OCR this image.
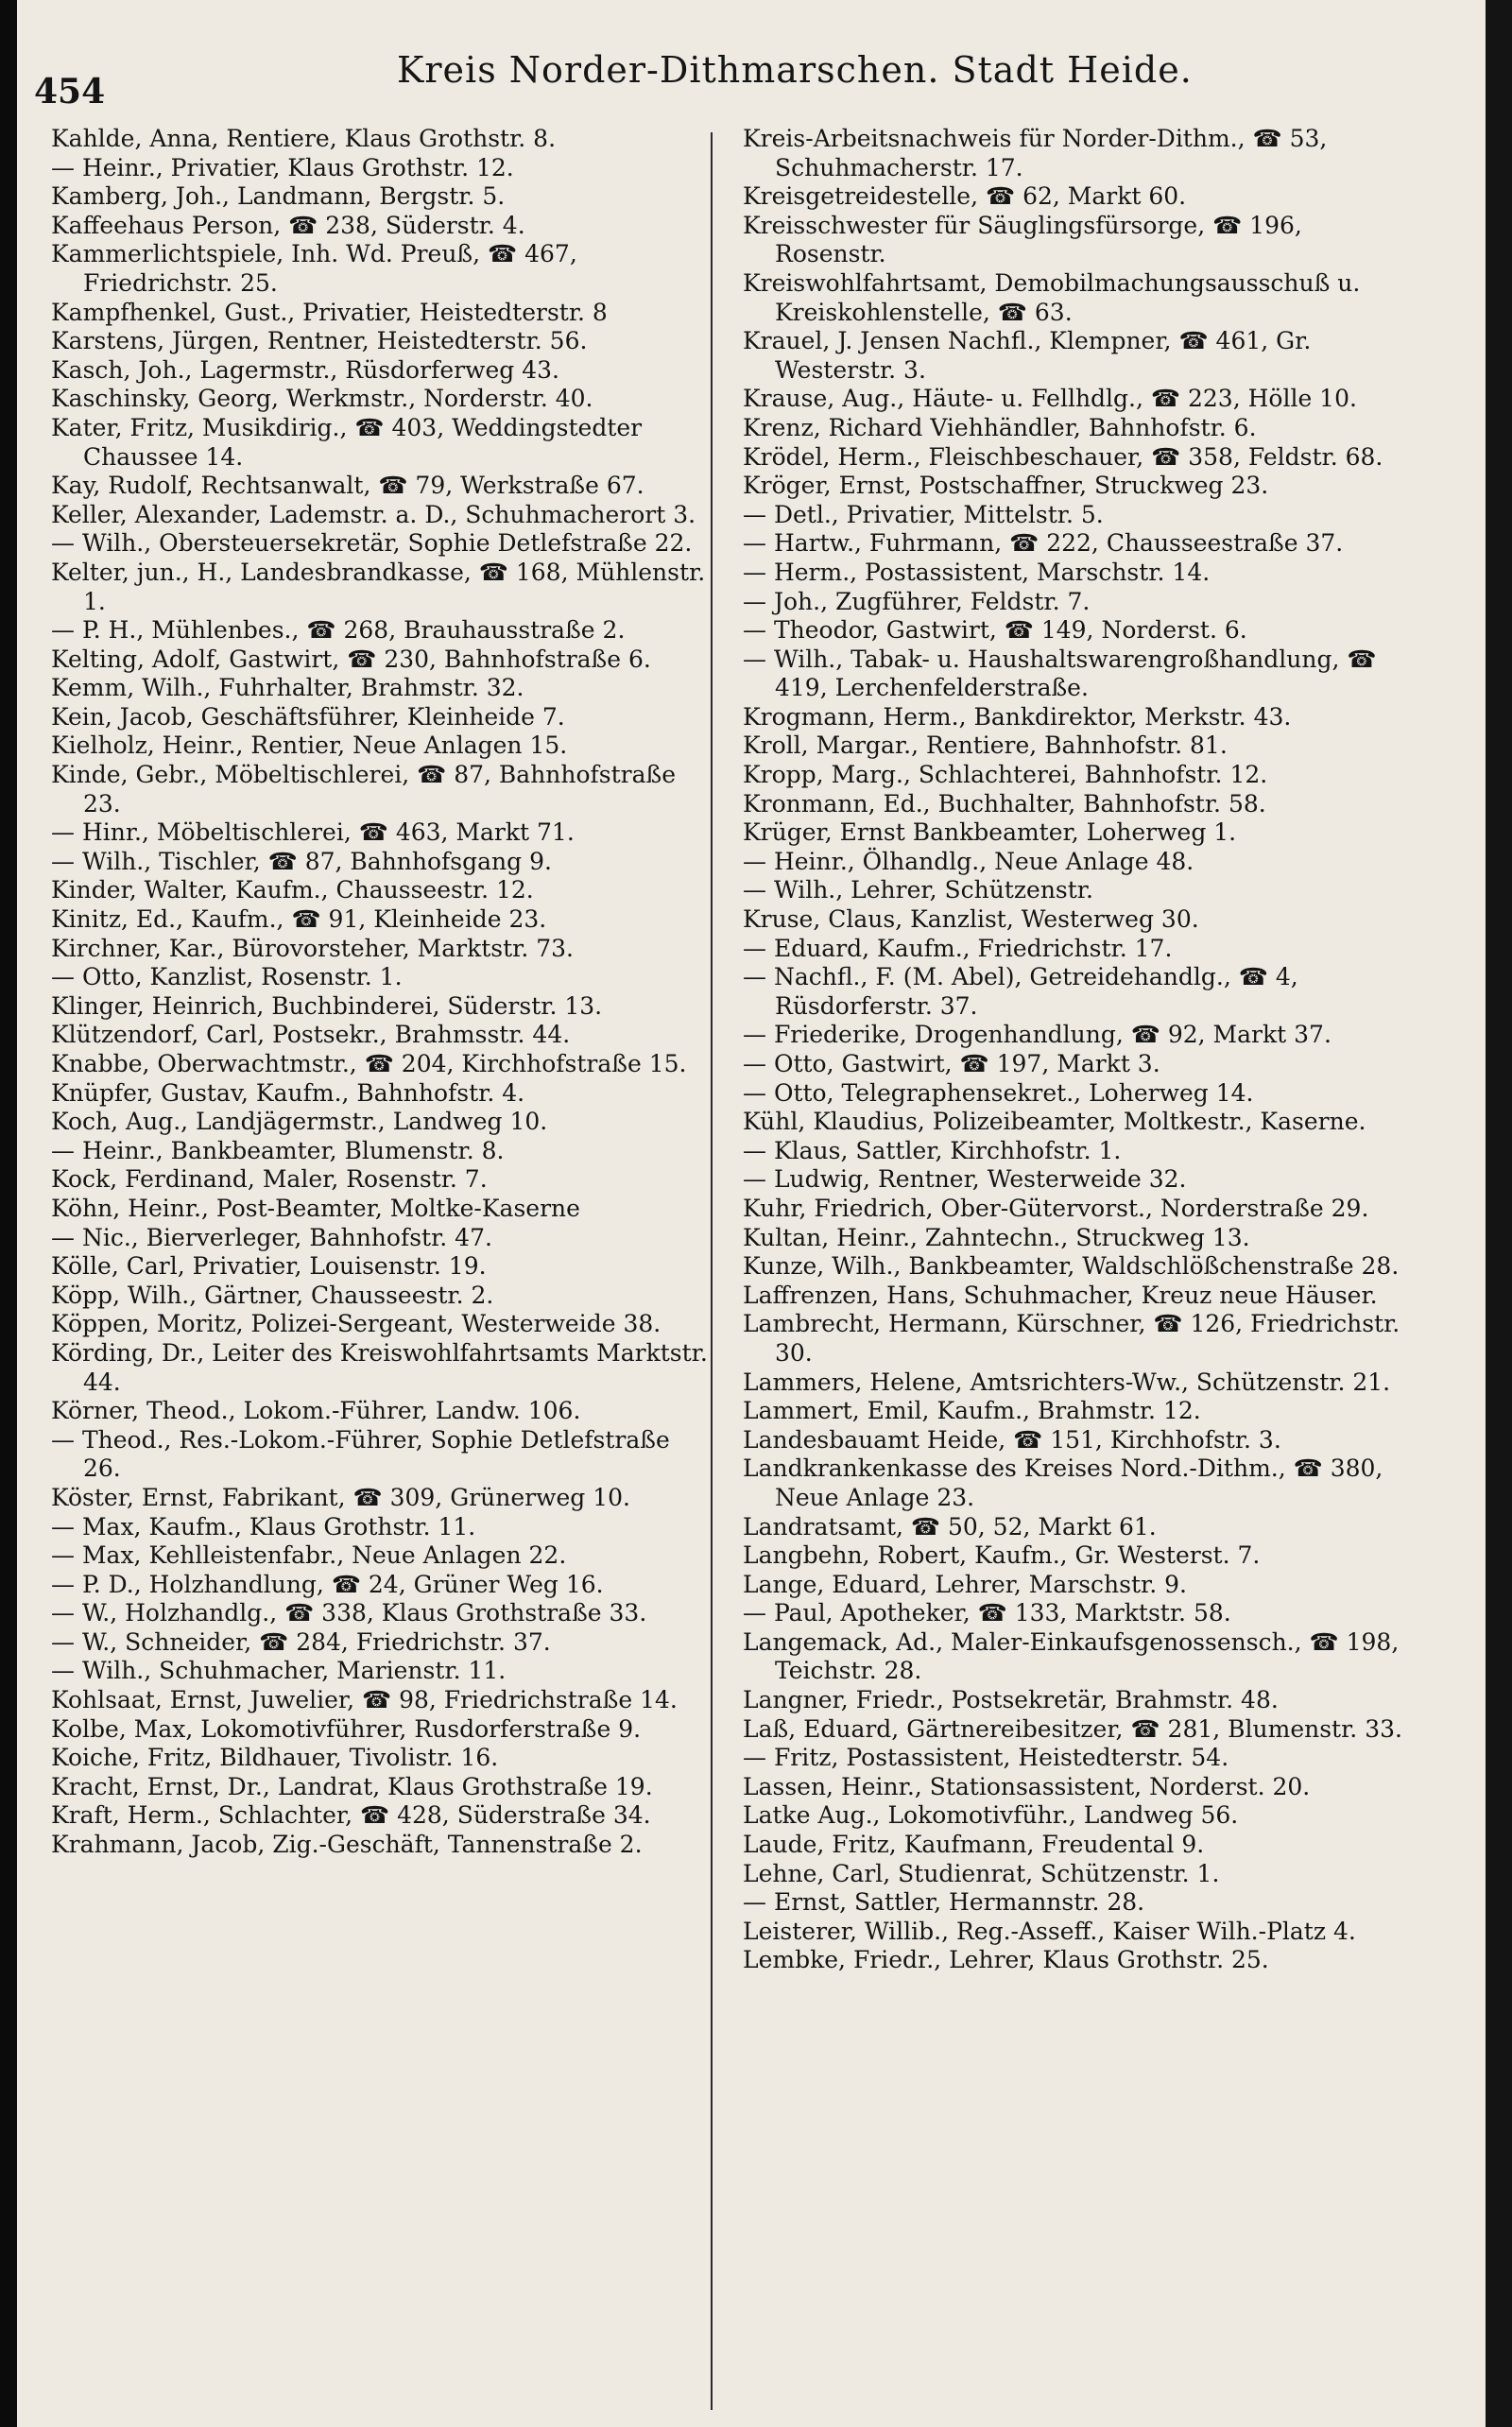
454
Kreis Norder-Dithmarschen. Stadt Heide.

Kahlde, Anna, Rentiere, Klaus Grothstr. 8.

— Heinr., Privatier, Klaus Grothstr. 12.

Kamberg, Joh., Landmann, Bergstr. 5.

Kaffeehaus Person, ☎ 238, Süderstr. 4.

Kammerlichtspiele, Inh. Wd. Preuß, ☎ 467, Friedrichstr. 25.

Kampfhenkel, Gust., Privatier, Heistedterstr. 8

Karstens, Jürgen, Rentner, Heistedterstr. 56.

Kasch, Joh., Lagermstr., Rüsdorferweg 43.

Kaschinsky, Georg, Werkmstr., Norderstr. 40.

Kater, Fritz, Musikdirig., ☎ 403, Weddingstedter Chaussee 14.

Kay, Rudolf, Rechtsanwalt, ☎ 79, Werkstraße 67.

Keller, Alexander, Lademstr. a. D., Schuhmacherort 3.

— Wilh., Obersteuersekretär, Sophie Detlefstraße 22.

Kelter, jun., H., Landesbrandkasse, ☎ 168, Mühlenstr. 1.

— P. H., Mühlenbes., ☎ 268, Brauhausstraße 2.

Kelting, Adolf, Gastwirt, ☎ 230, Bahnhofstraße 6.

Kemm, Wilh., Fuhrhalter, Brahmstr. 32.

Kein, Jacob, Geschäftsführer, Kleinheide 7.

Kielholz, Heinr., Rentier, Neue Anlagen 15.

Kinde, Gebr., Möbeltischlerei, ☎ 87, Bahnhofstraße 23.

— Hinr., Möbeltischlerei, ☎ 463, Markt 71.

— Wilh., Tischler, ☎ 87, Bahnhofsgang 9.

Kinder, Walter, Kaufm., Chausseestr. 12.

Kinitz, Ed., Kaufm., ☎ 91, Kleinheide 23.

Kirchner, Kar., Bürovorsteher, Marktstr. 73.

— Otto, Kanzlist, Rosenstr. 1.

Klinger, Heinrich, Buchbinderei, Süderstr. 13.

Klützendorf, Carl, Postsekr., Brahmsstr. 44.

Knabbe, Oberwachtmstr., ☎ 204, Kirchhofstraße 15.

Knüpfer, Gustav, Kaufm., Bahnhofstr. 4.

Koch, Aug., Landjägermstr., Landweg 10.

— Heinr., Bankbeamter, Blumenstr. 8.

Kock, Ferdinand, Maler, Rosenstr. 7.

Köhn, Heinr., Post-Beamter, Moltke-Kaserne

— Nic., Bierverleger, Bahnhofstr. 47.

Kölle, Carl, Privatier, Louisenstr. 19.

Köpp, Wilh., Gärtner, Chausseestr. 2.

Köppen, Moritz, Polizei-Sergeant, Westerweide 38.

Körding, Dr., Leiter des Kreiswohlfahrtsamts Marktstr. 44.

Körner, Theod., Lokom.-Führer, Landw. 106.

— Theod., Res.-Lokom.-Führer, Sophie Detlefstraße 26.

Köster, Ernst, Fabrikant, ☎ 309, Grünerweg 10.

— Max, Kaufm., Klaus Grothstr. 11.

— Max, Kehlleistenfabr., Neue Anlagen 22.

— P. D., Holzhandlung, ☎ 24, Grüner Weg 16.

— W., Holzhandlg., ☎ 338, Klaus Grothstraße 33.

— W., Schneider, ☎ 284, Friedrichstr. 37.

— Wilh., Schuhmacher, Marienstr. 11.

Kohlsaat, Ernst, Juwelier, ☎ 98, Friedrichstraße 14.

Kolbe, Max, Lokomotivführer, Rusdorferstraße 9.

Koiche, Fritz, Bildhauer, Tivolistr. 16.

Kracht, Ernst, Dr., Landrat, Klaus Grothstraße 19.

Kraft, Herm., Schlachter, ☎ 428, Süderstraße 34.

Krahmann, Jacob, Zig.-Geschäft, Tannenstraße 2.

Kreis-Arbeitsnachweis für Norder-Dithm., ☎ 53, Schuhmacherstr. 17.

Kreisgetreidestelle, ☎ 62, Markt 60.

Kreisschwester für Säuglingsfürsorge, ☎ 196, Rosenstr.

Kreiswohlfahrtsamt, Demobilmachungsausschuß u. Kreiskohlenstelle, ☎ 63.

Krauel, J. Jensen Nachfl., Klempner, ☎ 461, Gr. Westerstr. 3.

Krause, Aug., Häute- u. Fellhdlg., ☎ 223, Hölle 10.

Krenz, Richard Viehhändler, Bahnhofstr. 6.

Krödel, Herm., Fleischbeschauer, ☎ 358, Feldstr. 68.

Kröger, Ernst, Postschaffner, Struckweg 23.

— Detl., Privatier, Mittelstr. 5.

— Hartw., Fuhrmann, ☎ 222, Chausseestraße 37.

— Herm., Postassistent, Marschstr. 14.

— Joh., Zugführer, Feldstr. 7.

— Theodor, Gastwirt, ☎ 149, Norderst. 6.

— Wilh., Tabak- u. Haushaltswarengroßhandlung, ☎ 419, Lerchenfelderstraße.

Krogmann, Herm., Bankdirektor, Merkstr. 43.

Kroll, Margar., Rentiere, Bahnhofstr. 81.

Kropp, Marg., Schlachterei, Bahnhofstr. 12.

Kronmann, Ed., Buchhalter, Bahnhofstr. 58.

Krüger, Ernst Bankbeamter, Loherweg 1.

— Heinr., Ölhandlg., Neue Anlage 48.

— Wilh., Lehrer, Schützenstr.

Kruse, Claus, Kanzlist, Westerweg 30.

— Eduard, Kaufm., Friedrichstr. 17.

— Nachfl., F. (M. Abel), Getreidehandlg., ☎ 4, Rüsdorferstr. 37.

— Friederike, Drogenhandlung, ☎ 92, Markt 37.

— Otto, Gastwirt, ☎ 197, Markt 3.

— Otto, Telegraphensekret., Loherweg 14.

Kühl, Klaudius, Polizeibeamter, Moltkestr., Kaserne.

— Klaus, Sattler, Kirchhofstr. 1.

— Ludwig, Rentner, Westerweide 32.

Kuhr, Friedrich, Ober-Gütervorst., Norderstraße 29.

Kultan, Heinr., Zahntechn., Struckweg 13.

Kunze, Wilh., Bankbeamter, Waldschlößchenstraße 28.

Laffrenzen, Hans, Schuhmacher, Kreuz neue Häuser.

Lambrecht, Hermann, Kürschner, ☎ 126, Friedrichstr. 30.

Lammers, Helene, Amtsrichters-Ww., Schützenstr. 21.

Lammert, Emil, Kaufm., Brahmstr. 12.

Landesbauamt Heide, ☎ 151, Kirchhofstr. 3.

Landkrankenkasse des Kreises Nord.-Dithm., ☎ 380, Neue Anlage 23.

Landratsamt, ☎ 50, 52, Markt 61.

Langbehn, Robert, Kaufm., Gr. Westerst. 7.

Lange, Eduard, Lehrer, Marschstr. 9.

— Paul, Apotheker, ☎ 133, Marktstr. 58.

Langemack, Ad., Maler-Einkaufsgenossensch., ☎ 198, Teichstr. 28.

Langner, Friedr., Postsekretär, Brahmstr. 48.

Laß, Eduard, Gärtnereibesitzer, ☎ 281, Blumenstr. 33.

— Fritz, Postassistent, Heistedterstr. 54.

Lassen, Heinr., Stationsassistent, Norderst. 20.

Latke Aug., Lokomotivführ., Landweg 56.

Laude, Fritz, Kaufmann, Freudental 9.

Lehne, Carl, Studienrat, Schützenstr. 1.

— Ernst, Sattler, Hermannstr. 28.

Leisterer, Willib., Reg.-Asseff., Kaiser Wilh.-Platz 4.

Lembke, Friedr., Lehrer, Klaus Grothstr. 25.
